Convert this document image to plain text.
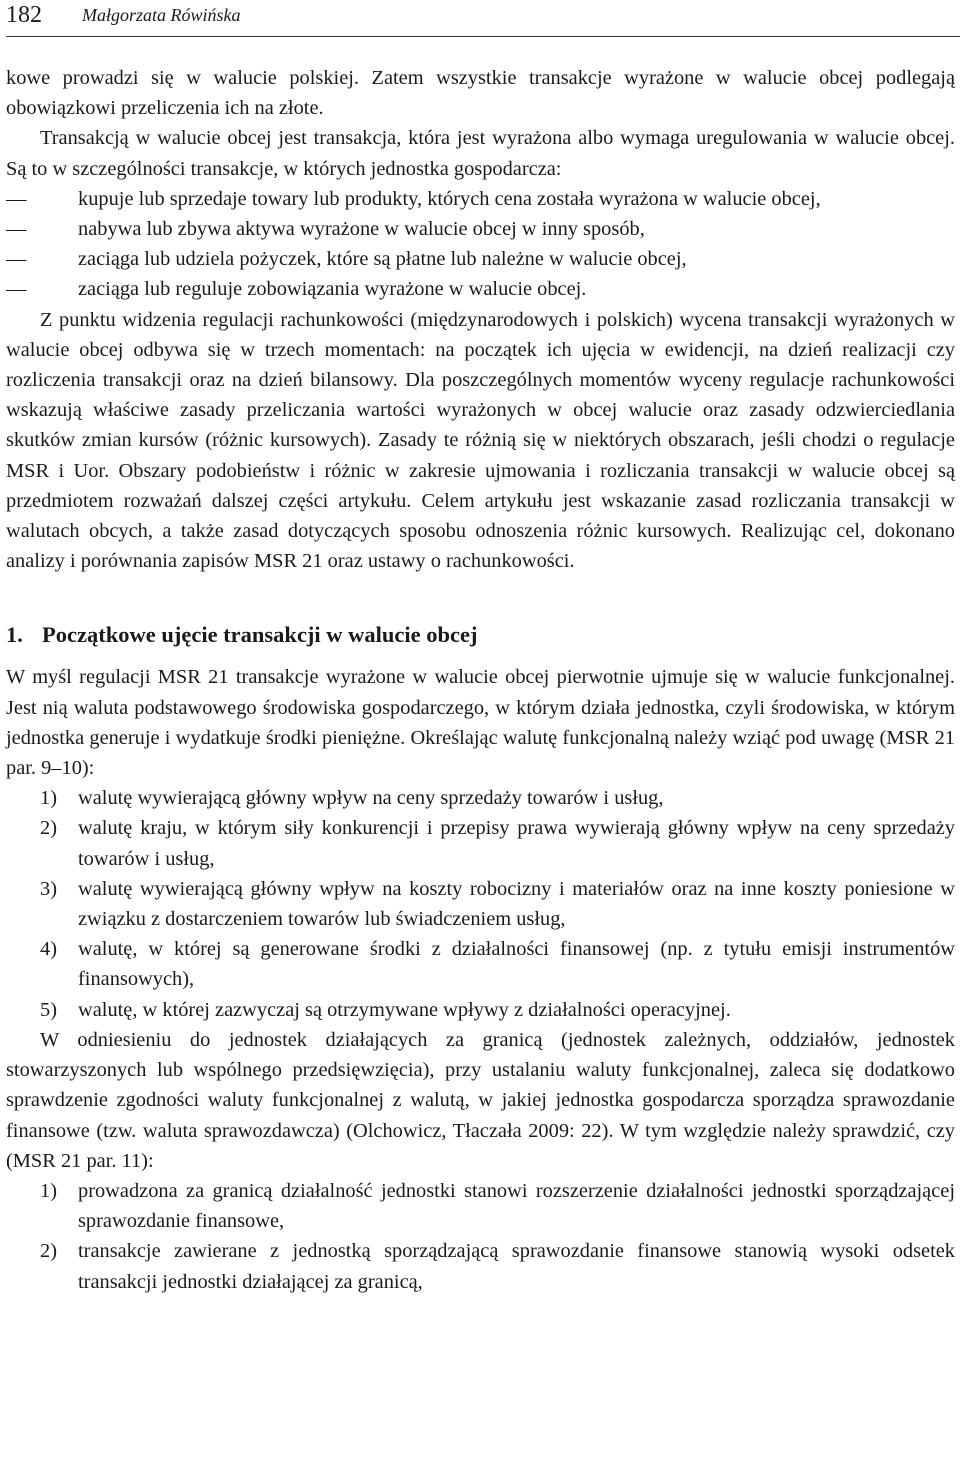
182 Małgorzata Rówińska

kowe prowadzi się w walucie polskiej. Zatem wszystkie transakcje wyrażone w walucie obcej podlegają obowiązkowi przeliczenia ich na złote.

Transakcją w walucie obcej jest transakcja, która jest wyrażona albo wymaga uregulowania w walucie obcej. Są to w szczególności transakcje, w których jednostka gospodarcza:

—	kupuje lub sprzedaje towary lub produkty, których cena została wyrażona w walucie obcej,
—	nabywa lub zbywa aktywa wyrażone w walucie obcej w inny sposób,
—	zaciąga lub udziela pożyczek, które są płatne lub należne w walucie obcej,
—	zaciąga lub reguluje zobowiązania wyrażone w walucie obcej.

Z punktu widzenia regulacji rachunkowości (międzynarodowych i polskich) wycena transakcji wyrażonych w walucie obcej odbywa się w trzech momentach: na początek ich ujęcia w ewidencji, na dzień realizacji czy rozliczenia transakcji oraz na dzień bilansowy. Dla poszczególnych momentów wyceny regulacje rachunkowości wskazują właściwe zasady przeliczania wartości wyrażonych w obcej walucie oraz zasady odzwierciedlania skutków zmian kursów (różnic kursowych). Zasady te różnią się w niektórych obszarach, jeśli chodzi o regulacje MSR i Uor. Obszary podobieństw i różnic w zakresie ujmowania i rozliczania transakcji w walucie obcej są przedmiotem rozważań dalszej części artykułu. Celem artykułu jest wskazanie zasad rozliczania transakcji w walutach obcych, a także zasad dotyczących sposobu odnoszenia różnic kursowych. Realizując cel, dokonano analizy i porównania zapisów MSR 21 oraz ustawy o rachunkowości.

1. Początkowe ujęcie transakcji w walucie obcej

W myśl regulacji MSR 21 transakcje wyrażone w walucie obcej pierwotnie ujmuje się w walucie funkcjonalnej. Jest nią waluta podstawowego środowiska gospodarczego, w którym działa jednostka, czyli środowiska, w którym jednostka generuje i wydatkuje środki pieniężne. Określając walutę funkcjonalną należy wziąć pod uwagę (MSR 21 par. 9–10):

1) walutę wywierającą główny wpływ na ceny sprzedaży towarów i usług,
2) walutę kraju, w którym siły konkurencji i przepisy prawa wywierają główny wpływ na ceny sprzedaży towarów i usług,
3) walutę wywierającą główny wpływ na koszty robocizny i materiałów oraz na inne koszty poniesione w związku z dostarczeniem towarów lub świadczeniem usług,
4) walutę, w której są generowane środki z działalności finansowej (np. z tytułu emisji instrumentów finansowych),
5) walutę, w której zazwyczaj są otrzymywane wpływy z działalności operacyjnej.

W odniesieniu do jednostek działających za granicą (jednostek zależnych, oddziałów, jednostek stowarzyszonych lub wspólnego przedsięwzięcia), przy ustalaniu waluty funkcjonalnej, zaleca się dodatkowo sprawdzenie zgodności waluty funkcjonalnej z walutą, w jakiej jednostka gospodarcza sporządza sprawozdanie finansowe (tzw. waluta sprawozdawcza) (Olchowicz, Tłaczała 2009: 22). W tym względzie należy sprawdzić, czy (MSR 21 par. 11):

1) prowadzona za granicą działalność jednostki stanowi rozszerzenie działalności jednostki sporządzającej sprawozdanie finansowe,
2) transakcje zawierane z jednostką sporządzającą sprawozdanie finansowe stanowią wysoki odsetek transakcji jednostki działającej za granicą,
